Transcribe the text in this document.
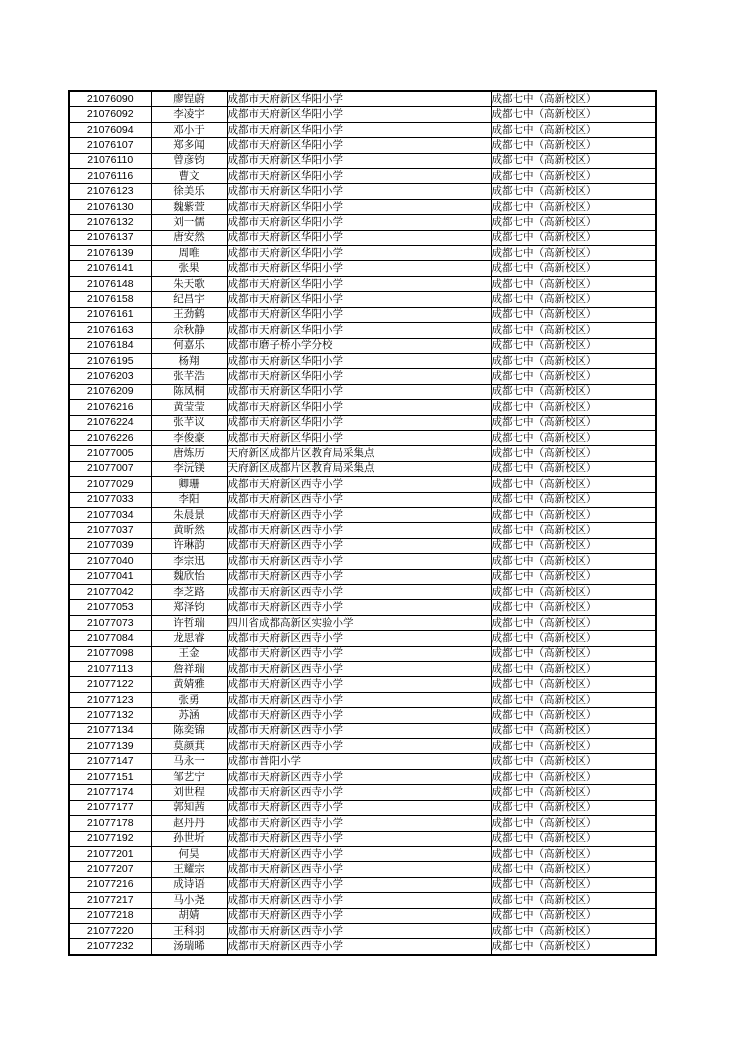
21076090	廖锃蔚	成都市天府新区华阳小学	成都七中（高新校区）
21076092	李凌宇	成都市天府新区华阳小学	成都七中（高新校区）
21076094	邓小于	成都市天府新区华阳小学	成都七中（高新校区）
21076107	郑多闻	成都市天府新区华阳小学	成都七中（高新校区）
21076110	曾彦钧	成都市天府新区华阳小学	成都七中（高新校区）
21076116	曹文	成都市天府新区华阳小学	成都七中（高新校区）
21076123	徐美乐	成都市天府新区华阳小学	成都七中（高新校区）
21076130	魏紫萱	成都市天府新区华阳小学	成都七中（高新校区）
21076132	刘一儒	成都市天府新区华阳小学	成都七中（高新校区）
21076137	唐安然	成都市天府新区华阳小学	成都七中（高新校区）
21076139	周唯	成都市天府新区华阳小学	成都七中（高新校区）
21076141	张果	成都市天府新区华阳小学	成都七中（高新校区）
21076148	朱天歌	成都市天府新区华阳小学	成都七中（高新校区）
21076158	纪昌宇	成都市天府新区华阳小学	成都七中（高新校区）
21076161	王劲鹤	成都市天府新区华阳小学	成都七中（高新校区）
21076163	佘秋静	成都市天府新区华阳小学	成都七中（高新校区）
21076184	何嘉乐	成都市磨子桥小学分校	成都七中（高新校区）
21076195	杨翔	成都市天府新区华阳小学	成都七中（高新校区）
21076203	张芊浩	成都市天府新区华阳小学	成都七中（高新校区）
21076209	陈凤桐	成都市天府新区华阳小学	成都七中（高新校区）
21076216	黄莹莹	成都市天府新区华阳小学	成都七中（高新校区）
21076224	张芊议	成都市天府新区华阳小学	成都七中（高新校区）
21076226	李俊豪	成都市天府新区华阳小学	成都七中（高新校区）
21077005	唐炼历	天府新区成都片区教育局采集点	成都七中（高新校区）
21077007	李沅镁	天府新区成都片区教育局采集点	成都七中（高新校区）
21077029	卿珊	成都市天府新区西寺小学	成都七中（高新校区）
21077033	李阳	成都市天府新区西寺小学	成都七中（高新校区）
21077034	朱晨景	成都市天府新区西寺小学	成都七中（高新校区）
21077037	黄昕然	成都市天府新区西寺小学	成都七中（高新校区）
21077039	许琳韵	成都市天府新区西寺小学	成都七中（高新校区）
21077040	李宗迅	成都市天府新区西寺小学	成都七中（高新校区）
21077041	魏欣怡	成都市天府新区西寺小学	成都七中（高新校区）
21077042	李芝路	成都市天府新区西寺小学	成都七中（高新校区）
21077053	郑泽钧	成都市天府新区西寺小学	成都七中（高新校区）
21077073	许哲瑞	四川省成都高新区实验小学	成都七中（高新校区）
21077084	龙思睿	成都市天府新区西寺小学	成都七中（高新校区）
21077098	王金	成都市天府新区西寺小学	成都七中（高新校区）
21077113	詹祥瑞	成都市天府新区西寺小学	成都七中（高新校区）
21077122	黄婧雅	成都市天府新区西寺小学	成都七中（高新校区）
21077123	张勇	成都市天府新区西寺小学	成都七中（高新校区）
21077132	苏涵	成都市天府新区西寺小学	成都七中（高新校区）
21077134	陈奕锦	成都市天府新区西寺小学	成都七中（高新校区）
21077139	莫颜萁	成都市天府新区西寺小学	成都七中（高新校区）
21077147	马永一	成都市普阳小学	成都七中（高新校区）
21077151	邹艺宁	成都市天府新区西寺小学	成都七中（高新校区）
21077174	刘世程	成都市天府新区西寺小学	成都七中（高新校区）
21077177	郭知茜	成都市天府新区西寺小学	成都七中（高新校区）
21077178	赵丹丹	成都市天府新区西寺小学	成都七中（高新校区）
21077192	孙世圻	成都市天府新区西寺小学	成都七中（高新校区）
21077201	何昊	成都市天府新区西寺小学	成都七中（高新校区）
21077207	王耀宗	成都市天府新区西寺小学	成都七中（高新校区）
21077216	成诗语	成都市天府新区西寺小学	成都七中（高新校区）
21077217	马小尧	成都市天府新区西寺小学	成都七中（高新校区）
21077218	胡婧	成都市天府新区西寺小学	成都七中（高新校区）
21077220	王科羽	成都市天府新区西寺小学	成都七中（高新校区）
21077232	汤瑞晞	成都市天府新区西寺小学	成都七中（高新校区）
